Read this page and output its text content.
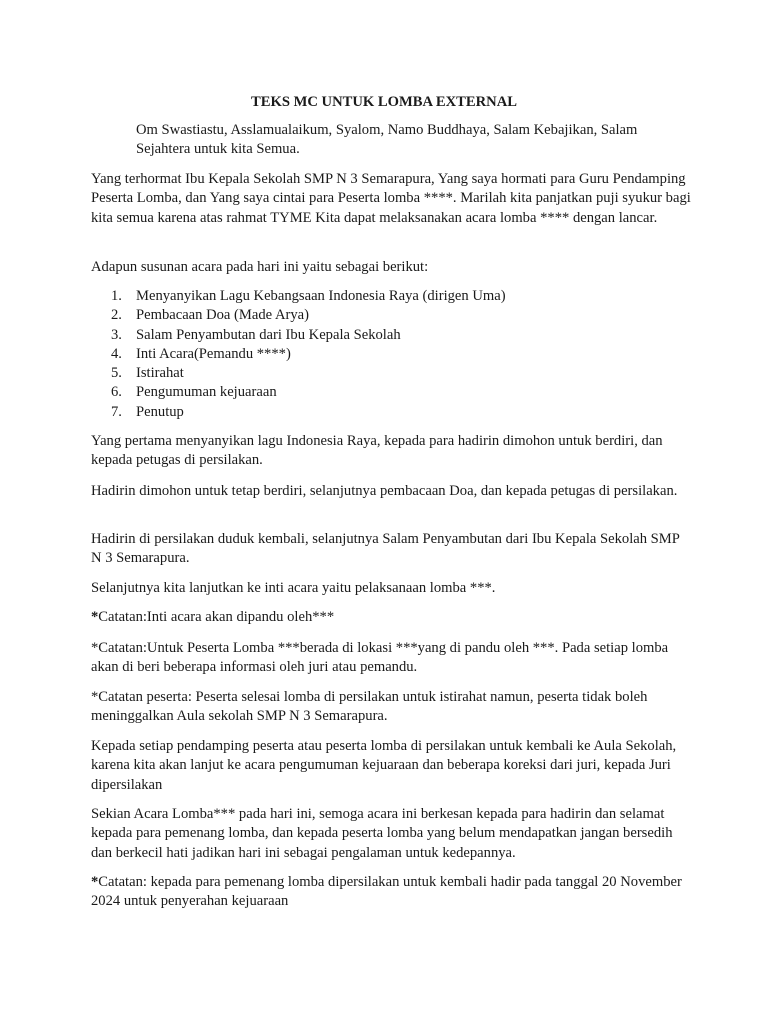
TEKS MC UNTUK LOMBA EXTERNAL

Om Swastiastu, Asslamualaikum, Syalom, Namo Buddhaya, Salam Kebajikan, Salam Sejahtera untuk kita Semua.

Yang terhormat Ibu Kepala Sekolah SMP N 3 Semarapura, Yang saya hormati para Guru Pendamping Peserta Lomba, dan Yang saya cintai para Peserta lomba ****. Marilah kita panjatkan puji syukur bagi kita semua karena atas rahmat TYME Kita dapat melaksanakan acara lomba **** dengan lancar.

Adapun susunan acara pada hari ini yaitu sebagai berikut:

1. Menyanyikan Lagu Kebangsaan Indonesia Raya (dirigen Uma)
2. Pembacaan Doa (Made Arya)
3. Salam Penyambutan dari Ibu Kepala Sekolah
4. Inti Acara(Pemandu ****)
5. Istirahat
6. Pengumuman kejuaraan
7. Penutup

Yang pertama menyanyikan lagu Indonesia Raya, kepada para hadirin dimohon untuk berdiri, dan kepada petugas di persilakan.

Hadirin dimohon untuk tetap berdiri, selanjutnya pembacaan Doa, dan kepada petugas di persilakan.

Hadirin di persilakan duduk kembali, selanjutnya Salam Penyambutan dari Ibu Kepala Sekolah SMP N 3 Semarapura.

Selanjutnya kita lanjutkan ke inti acara yaitu pelaksanaan lomba ***.

*Catatan:Inti acara akan dipandu oleh***

*Catatan:Untuk Peserta Lomba ***berada di lokasi ***yang di pandu oleh ***. Pada setiap lomba akan di beri beberapa informasi oleh juri atau pemandu.

*Catatan peserta: Peserta selesai lomba di persilakan untuk istirahat namun, peserta tidak boleh meninggalkan Aula sekolah SMP N 3 Semarapura.

Kepada setiap pendamping peserta atau peserta lomba di persilakan untuk kembali ke Aula Sekolah, karena kita akan lanjut ke acara pengumuman kejuaraan dan beberapa koreksi dari juri, kepada Juri dipersilakan

Sekian Acara Lomba*** pada hari ini, semoga acara ini berkesan kepada para hadirin dan selamat kepada para pemenang lomba, dan kepada peserta lomba yang belum mendapatkan jangan bersedih dan berkecil hati jadikan hari ini sebagai pengalaman untuk kedepannya.

*Catatan: kepada para pemenang lomba dipersilakan untuk kembali hadir pada tanggal 20 November 2024 untuk penyerahan kejuaraan
